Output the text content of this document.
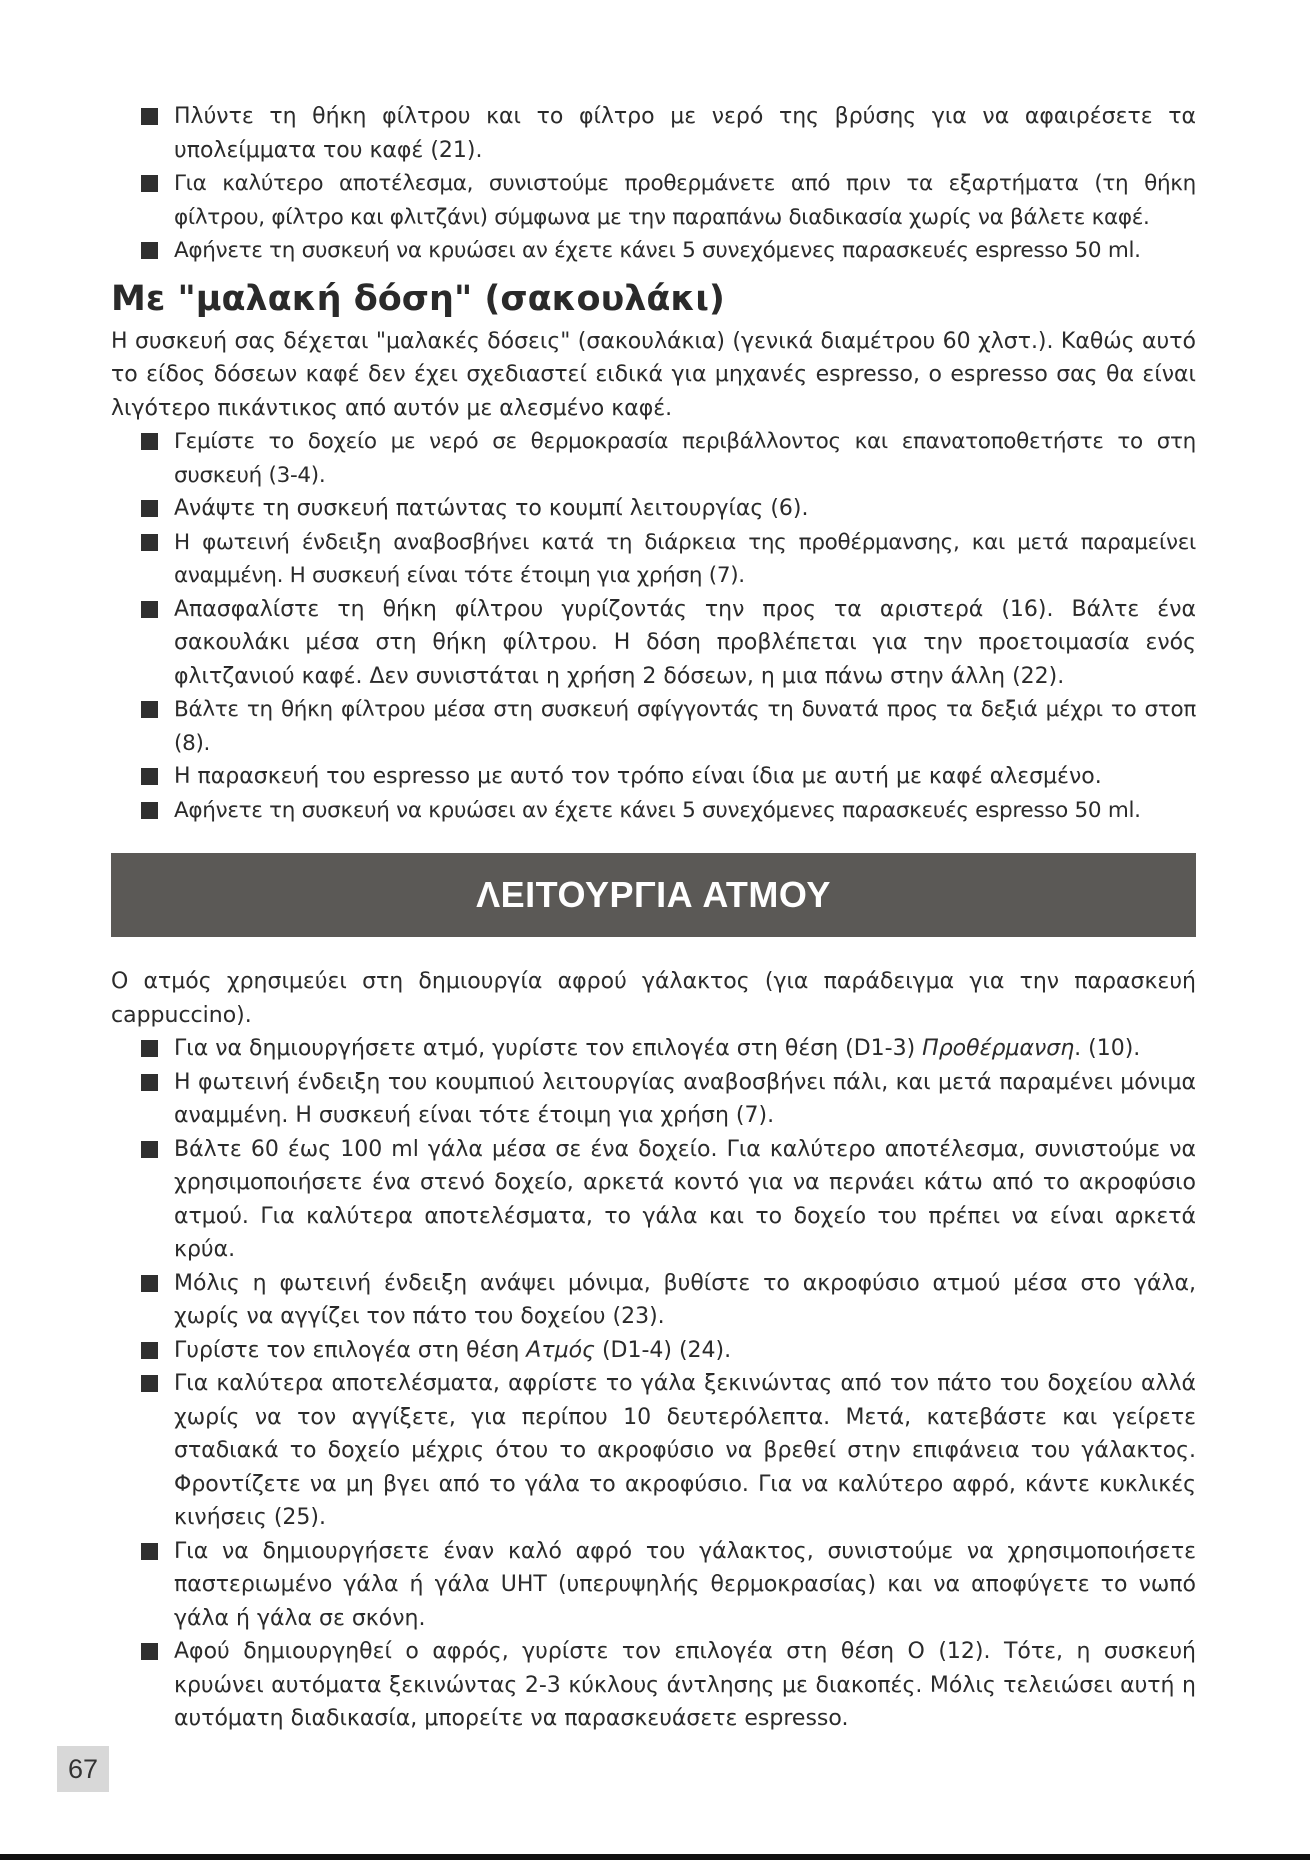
Πλύντε τη θήκη φίλτρου και το φίλτρο με νερό της βρύσης για να αφαιρέσετε τα υπολείμματα του καφέ (21).

Για καλύτερο αποτέλεσμα, συνιστούμε προθερμάνετε από πριν τα εξαρτήματα (τη θήκη φίλτρου, φίλτρο και φλιτζάνι) σύμφωνα με την παραπάνω διαδικασία χωρίς να βάλετε καφέ.

Αφήνετε τη συσκευή να κρυώσει αν έχετε κάνει 5 συνεχόμενες παρασκευές espresso 50 ml.

Με "μαλακή δόση" (σακουλάκι)

Η συσκευή σας δέχεται "μαλακές δόσεις" (σακουλάκια) (γενικά διαμέτρου 60 χλστ.). Καθώς αυτό το είδος δόσεων καφέ δεν έχει σχεδιαστεί ειδικά για μηχανές espresso, ο espresso σας θα είναι λιγότερο πικάντικος από αυτόν με αλεσμένο καφέ.

Γεμίστε το δοχείο με νερό σε θερμοκρασία περιβάλλοντος και επανατοποθετήστε το στη συσκευή (3-4).

Ανάψτε τη συσκευή πατώντας το κουμπί λειτουργίας (6).

Η φωτεινή ένδειξη αναβοσβήνει κατά τη διάρκεια της προθέρμανσης, και μετά παραμείνει αναμμένη. Η συσκευή είναι τότε έτοιμη για χρήση (7).

Απασφαλίστε τη θήκη φίλτρου γυρίζοντάς την προς τα αριστερά (16). Βάλτε ένα σακουλάκι μέσα στη θήκη φίλτρου. Η δόση προβλέπεται για την προετοιμασία ενός φλιτζανιού καφέ. Δεν συνιστάται η χρήση 2 δόσεων, η μια πάνω στην άλλη (22).

Βάλτε τη θήκη φίλτρου μέσα στη συσκευή σφίγγοντάς τη δυνατά προς τα δεξιά μέχρι το στοπ (8).

Η παρασκευή του espresso με αυτό τον τρόπο είναι ίδια με αυτή με καφέ αλεσμένο.

Αφήνετε τη συσκευή να κρυώσει αν έχετε κάνει 5 συνεχόμενες παρασκευές espresso 50 ml.

ΛΕΙΤΟΥΡΓΙΑ ΑΤΜΟΥ

Ο ατμός χρησιμεύει στη δημιουργία αφρού γάλακτος (για παράδειγμα για την παρασκευή cappuccino).

Για να δημιουργήσετε ατμό, γυρίστε τον επιλογέα στη θέση (D1-3) Προθέρμανση. (10).

Η φωτεινή ένδειξη του κουμπιού λειτουργίας αναβοσβήνει πάλι, και μετά παραμένει μόνιμα αναμμένη. Η συσκευή είναι τότε έτοιμη για χρήση (7).

Βάλτε 60 έως 100 ml γάλα μέσα σε ένα δοχείο. Για καλύτερο αποτέλεσμα, συνιστούμε να χρησιμοποιήσετε ένα στενό δοχείο, αρκετά κοντό για να περνάει κάτω από το ακροφύσιο ατμού. Για καλύτερα αποτελέσματα, το γάλα και το δοχείο του πρέπει να είναι αρκετά κρύα.

Μόλις η φωτεινή ένδειξη ανάψει μόνιμα, βυθίστε το ακροφύσιο ατμού μέσα στο γάλα, χωρίς να αγγίζει τον πάτο του δοχείου (23).

Γυρίστε τον επιλογέα στη θέση Ατμός (D1-4) (24).

Για καλύτερα αποτελέσματα, αφρίστε το γάλα ξεκινώντας από τον πάτο του δοχείου αλλά χωρίς να τον αγγίξετε, για περίπου 10 δευτερόλεπτα. Μετά, κατεβάστε και γείρετε σταδιακά το δοχείο μέχρις ότου το ακροφύσιο να βρεθεί στην επιφάνεια του γάλακτος. Φροντίζετε να μη βγει από το γάλα το ακροφύσιο. Για να καλύτερο αφρό, κάντε κυκλικές κινήσεις (25).

Για να δημιουργήσετε έναν καλό αφρό του γάλακτος, συνιστούμε να χρησιμοποιήσετε παστεριωμένο γάλα ή γάλα UHT (υπερυψηλής θερμοκρασίας) και να αποφύγετε το νωπό γάλα ή γάλα σε σκόνη.

Αφού δημιουργηθεί ο αφρός, γυρίστε τον επιλογέα στη θέση O (12). Τότε, η συσκευή κρυώνει αυτόματα ξεκινώντας 2-3 κύκλους άντλησης με διακοπές. Μόλις τελειώσει αυτή η αυτόματη διαδικασία, μπορείτε να παρασκευάσετε espresso.

67
